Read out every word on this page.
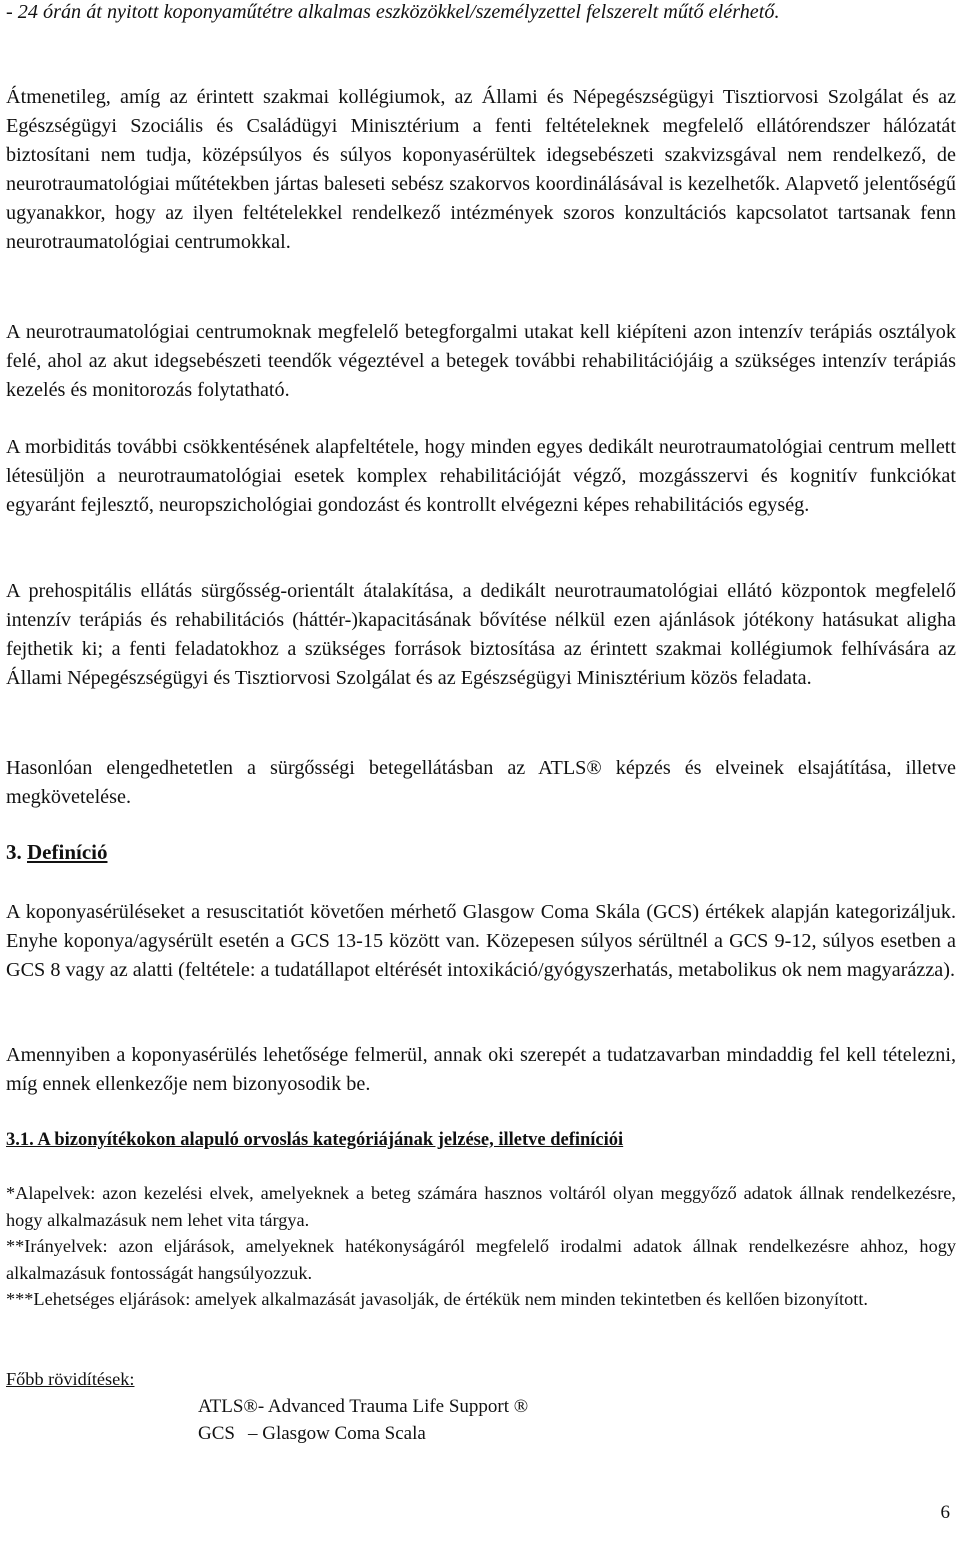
- 24 órán át nyitott koponyaműtétre alkalmas eszközökkel/személyzettel felszerelt műtő elérhető.

Átmenetileg, amíg az érintett szakmai kollégiumok, az Állami és Népegészségügyi Tisztiorvosi Szolgálat és az Egészségügyi Szociális és Családügyi Minisztérium a fenti feltételeknek megfelelő ellátórendszer hálózatát biztosítani nem tudja, középsúlyos és súlyos koponyasérültek idegsebészeti szakvizsgával nem rendelkező, de neurotraumatológiai műtétekben jártas baleseti sebész szakorvos koordinálásával is kezelhetők. Alapvető jelentőségű ugyanakkor, hogy az ilyen feltételekkel rendelkező intézmények szoros konzultációs kapcsolatot tartsanak fenn neurotraumatológiai centrumokkal.

A neurotraumatológiai centrumoknak megfelelő betegforgalmi utakat kell kiépíteni azon intenzív terápiás osztályok felé, ahol az akut idegsebészeti teendők végeztével a betegek további rehabilitációjáig a szükséges intenzív terápiás kezelés és monitorozás folytatható.

A morbiditás további csökkentésének alapfeltétele, hogy minden egyes dedikált neurotraumatológiai centrum mellett létesüljön a neurotraumatológiai esetek komplex rehabilitációját végző, mozgásszervi és kognitív funkciókat egyaránt fejlesztő, neuropszichológiai gondozást és kontrollt elvégezni képes rehabilitációs egység.

A prehospitális ellátás sürgősség-orientált átalakítása, a dedikált neurotraumatológiai ellátó központok megfelelő intenzív terápiás és rehabilitációs (háttér-)kapacitásának bővítése nélkül ezen ajánlások jótékony hatásukat aligha fejthetik ki; a fenti feladatokhoz a szükséges források biztosítása az érintett szakmai kollégiumok felhívására az Állami Népegészségügyi és Tisztiorvosi Szolgálat és az Egészségügyi Minisztérium közös feladata.

Hasonlóan elengedhetetlen a sürgősségi betegellátásban az ATLS® képzés és elveinek elsajátítása, illetve megkövetelése.

3. Definíció

A koponyasérüléseket a resuscitatiót követően mérhető Glasgow Coma Skála (GCS) értékek alapján kategorizáljuk. Enyhe koponya/agysérült esetén a GCS 13-15 között van. Közepesen súlyos sérültnél a GCS 9-12, súlyos esetben a GCS 8 vagy az alatti (feltétele: a tudatállapot eltérését intoxikáció/gyógyszerhatás, metabolikus ok nem magyarázza).

Amennyiben a koponyasérülés lehetősége felmerül, annak oki szerepét a tudatzavarban mindaddig fel kell tételezni, míg ennek ellenkezője nem bizonyosodik be.

3.1. A bizonyítékokon alapuló orvoslás kategóriájának jelzése, illetve definíciói

*Alapelvek: azon kezelési elvek, amelyeknek a beteg számára hasznos voltáról olyan meggyőző adatok állnak rendelkezésre, hogy alkalmazásuk nem lehet vita tárgya.

**Irányelvek: azon eljárások, amelyeknek hatékonyságáról megfelelő irodalmi adatok állnak rendelkezésre ahhoz, hogy alkalmazásuk fontosságát hangsúlyozzuk.

***Lehetséges eljárások: amelyek alkalmazását javasolják, de értékük nem minden tekintetben és kellően bizonyított.

Főbb rövidítések:

ATLS® - Advanced Trauma Life Support ®
GCS – Glasgow Coma Scala
6
